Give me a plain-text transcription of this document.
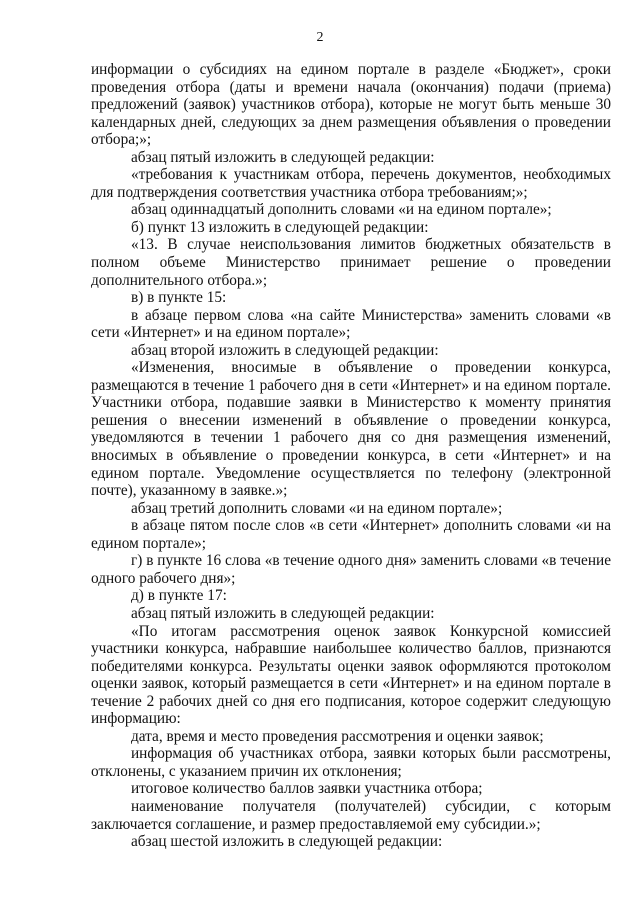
2

информации о субсидиях на едином портале в разделе «Бюджет», сроки проведения отбора (даты и времени начала (окончания) подачи (приема) предложений (заявок) участников отбора), которые не могут быть меньше 30 календарных дней, следующих за днем размещения объявления о проведении отбора;»;

абзац пятый изложить в следующей редакции:

«требования к участникам отбора, перечень документов, необходимых для подтверждения соответствия участника отбора требованиям;»;

абзац одиннадцатый дополнить словами «и на едином портале»;

б) пункт 13 изложить в следующей редакции:

«13. В случае неиспользования лимитов бюджетных обязательств в полном объеме Министерство принимает решение о проведении дополнительного отбора.»;

в) в пункте 15:

в абзаце первом слова «на сайте Министерства» заменить словами «в сети «Интернет» и на едином портале»;

абзац второй изложить в следующей редакции:

«Изменения, вносимые в объявление о проведении конкурса, размещаются в течение 1 рабочего дня в сети «Интернет» и на едином портале. Участники отбора, подавшие заявки в Министерство к моменту принятия решения о внесении изменений в объявление о проведении конкурса, уведомляются в течении 1 рабочего дня со дня размещения изменений, вносимых в объявление о проведении конкурса, в сети «Интернет» и на едином портале. Уведомление осуществляется по телефону (электронной почте), указанному в заявке.»;

абзац третий дополнить словами «и на едином портале»;

в абзаце пятом после слов «в сети «Интернет» дополнить словами «и на едином портале»;

г) в пункте 16 слова «в течение одного дня» заменить словами «в течение одного рабочего дня»;

д) в пункте 17:

абзац пятый изложить в следующей редакции:

«По итогам рассмотрения оценок заявок Конкурсной комиссией участники конкурса, набравшие наибольшее количество баллов, признаются победителями конкурса. Результаты оценки заявок оформляются протоколом оценки заявок, который размещается в сети «Интернет» и на едином портале в течение 2 рабочих дней со дня его подписания, которое содержит следующую информацию:

дата, время и место проведения рассмотрения и оценки заявок;

информация об участниках отбора, заявки которых были рассмотрены, отклонены, с указанием причин их отклонения;

итоговое количество баллов заявки участника отбора;

наименование получателя (получателей) субсидии, с которым заключается соглашение, и размер предоставляемой ему субсидии.»;

абзац шестой изложить в следующей редакции:
